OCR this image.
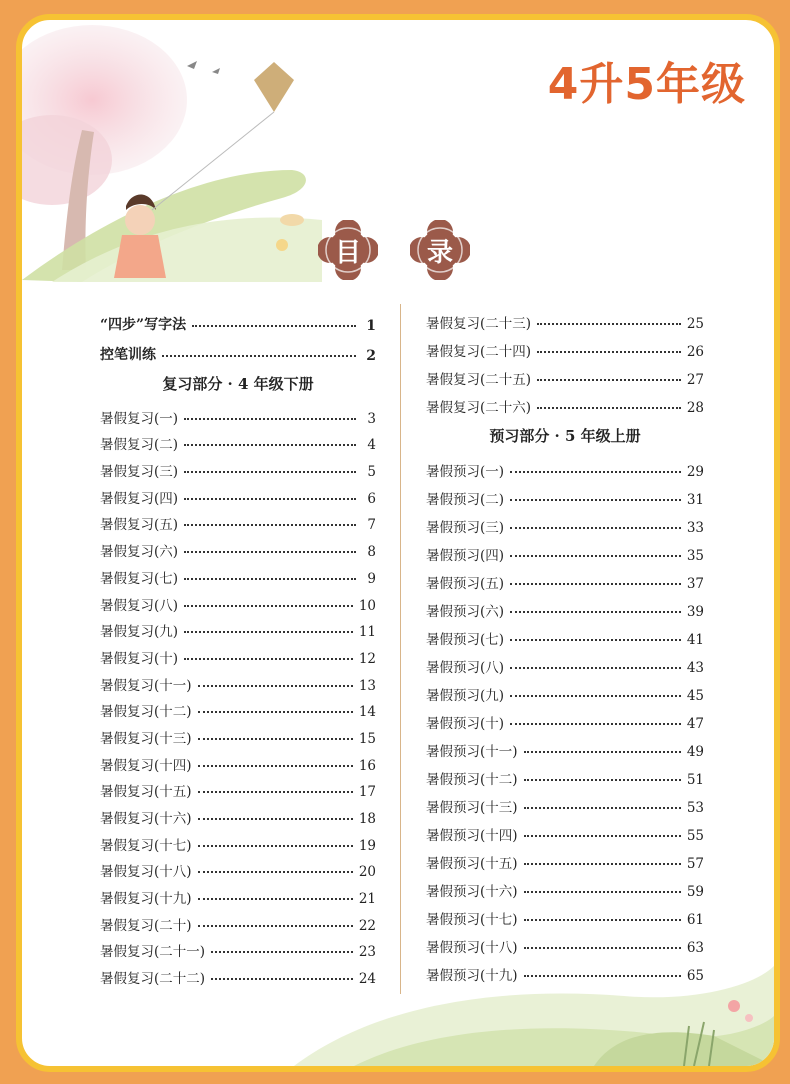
4升5年级
目	录
“四步”写字法	1
控笔训练	2
复习部分 · 4 年级下册
暑假复习(一)	3
暑假复习(二)	4
暑假复习(三)	5
暑假复习(四)	6
暑假复习(五)	7
暑假复习(六)	8
暑假复习(七)	9
暑假复习(八)	10
暑假复习(九)	11
暑假复习(十)	12
暑假复习(十一)	13
暑假复习(十二)	14
暑假复习(十三)	15
暑假复习(十四)	16
暑假复习(十五)	17
暑假复习(十六)	18
暑假复习(十七)	19
暑假复习(十八)	20
暑假复习(十九)	21
暑假复习(二十)	22
暑假复习(二十一)	23
暑假复习(二十二)	24
暑假复习(二十三)	25
暑假复习(二十四)	26
暑假复习(二十五)	27
暑假复习(二十六)	28
预习部分 · 5 年级上册
暑假预习(一)	29
暑假预习(二)	31
暑假预习(三)	33
暑假预习(四)	35
暑假预习(五)	37
暑假预习(六)	39
暑假预习(七)	41
暑假预习(八)	43
暑假预习(九)	45
暑假预习(十)	47
暑假预习(十一)	49
暑假预习(十二)	51
暑假预习(十三)	53
暑假预习(十四)	55
暑假预习(十五)	57
暑假预习(十六)	59
暑假预习(十七)	61
暑假预习(十八)	63
暑假预习(十九)	65
